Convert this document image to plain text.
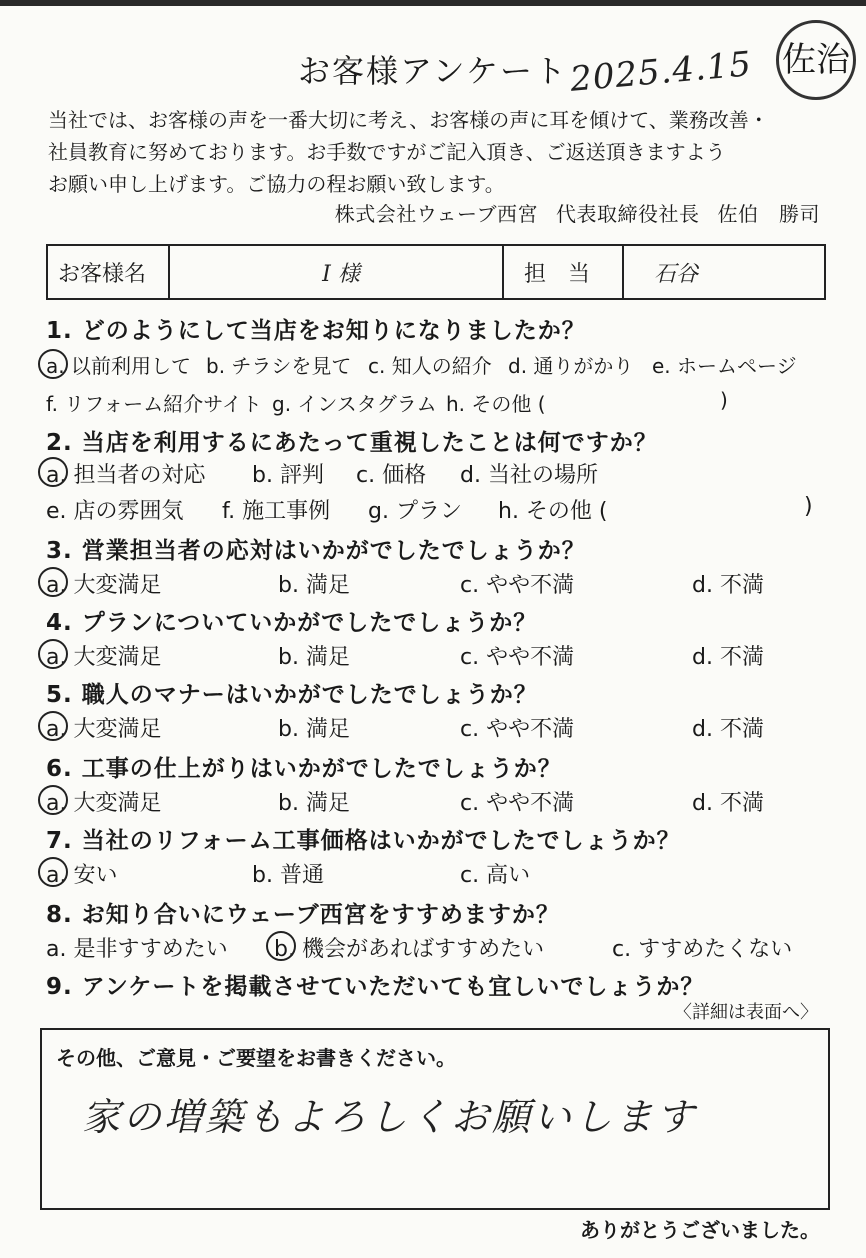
お客様アンケート 2025.4.15 佐治
当社では、お客様の声を一番大切に考え、お客様の声に耳を傾けて、業務改善・
社員教育に努めております。お手数ですがご記入頂き、ご返送頂きますよう
お願い申し上げます。ご協力の程お願い致します。
株式会社ウェーブ西宮 代表取締役社長 佐伯　勝司
お客様名	I 様	担当	石谷
1. どのようにして当店をお知りになりましたか？
a. 以前利用して b. チラシを見て c. 知人の紹介 d. 通りがかり e. ホームページ
f. リフォーム紹介サイト g. インスタグラム h. その他 (	)
2. 当店を利用するにあたって重視したことは何ですか？
a. 担当者の対応 b. 評判 c. 価格 d. 当社の場所
e. 店の雰囲気 f. 施工事例 g. プラン h. その他 (	)
3. 営業担当者の応対はいかがでしたでしょうか？
a. 大変満足	b. 満足	c. やや不満	d. 不満
4. プランについていかがでしたでしょうか？
a. 大変満足	b. 満足	c. やや不満	d. 不満
5. 職人のマナーはいかがでしたでしょうか？
a. 大変満足	b. 満足	c. やや不満	d. 不満
6. 工事の仕上がりはいかがでしたでしょうか？
a. 大変満足	b. 満足	c. やや不満	d. 不満
7. 当社のリフォーム工事価格はいかがでしたでしょうか？
a. 安い	b. 普通	c. 高い
8. お知り合いにウェーブ西宮をすすめますか？
a. 是非すすめたい b. 機会があればすすめたい	c. すすめたくない
9. アンケートを掲載させていただいても宜しいでしょうか？
〈詳細は表面へ〉
その他、ご意見・ご要望をお書きください。
家の増築もよろしくお願いします
ありがとうございました。
